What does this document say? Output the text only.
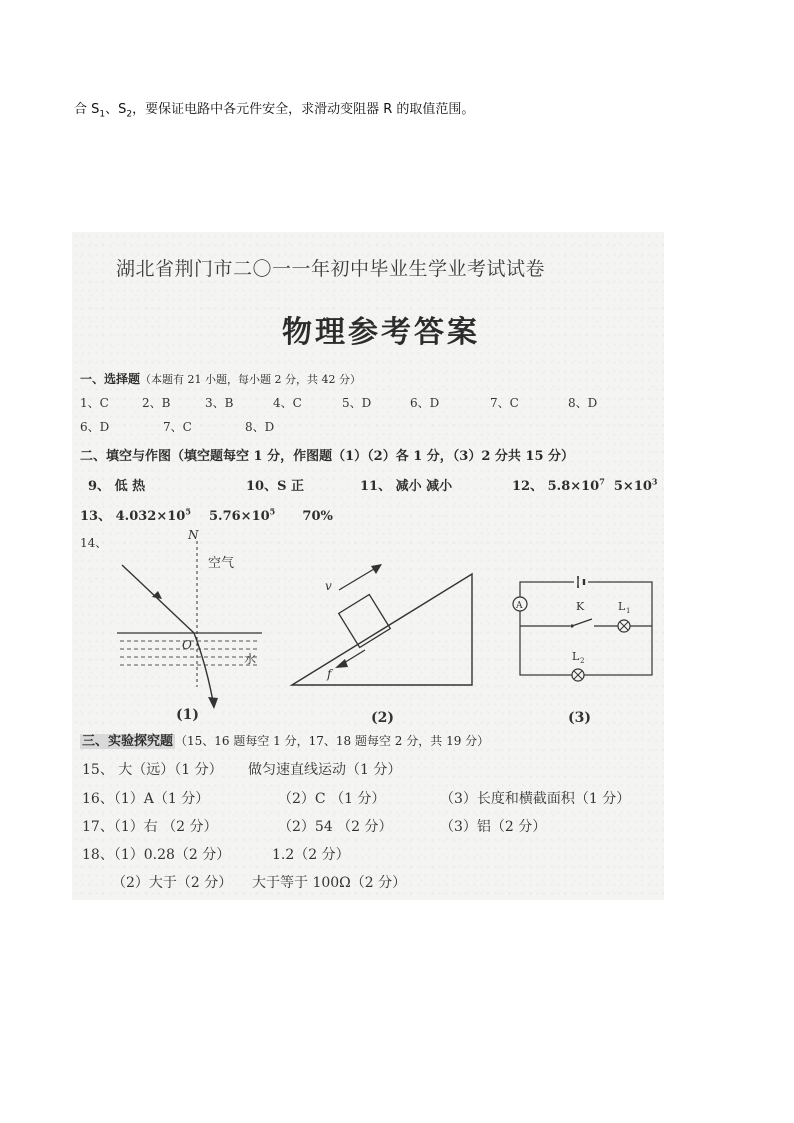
合 $S_1$、$S_2$，要保证电路中各元件安全，求滑动变阻器 R 的取值范围。
湖北省荆门市二〇一一年初中毕业生学业考试试卷
物理参考答案
一、选择题（本题有 21 小题，每小题 2 分，共 42 分）
1、C	2、B	3、B	4、C	5、D	6、D	7、C	8、D
6、D	7、C	8、D
二、填空与作图（填空题每空 1 分，作图题（1）（2）各 1 分，（3）2 分共 15 分）
9、 低 热	10、S 正	11、 减小 减小	12、 $5.8\times 10^7$ $5\times 10^3$
13、 $4.032\times 10^5$ $5.76\times 10^5$ 70%
14、
N
空气
O
水
(1)
v
f
(2)
A	K	L 1
L 2
(3)
三、实验探究题 （15、16 题每空 1 分，17、18 题每空 2 分，共 19 分）
15、 大（远）（1 分） 做匀速直线运动（1 分）
16、（1）A（1 分）	（2）C （1 分）	（3）长度和横截面积（1 分）
17、（1）右 （2 分）	（2）54 （2 分）	（3）铝（2 分）
18、（1）0.28（2 分）	1.2（2 分）
（2）大于（2 分） 大于等于 100Ω（2 分）
